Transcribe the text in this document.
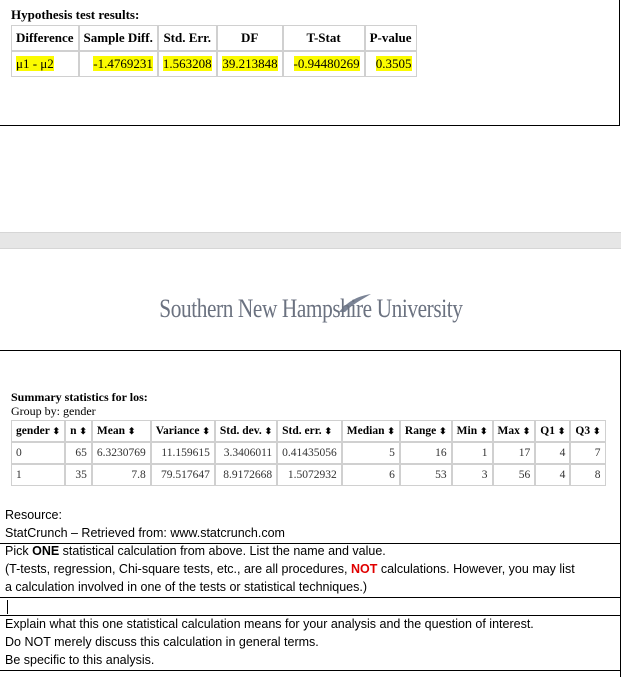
Hypothesis test results:
Difference	Sample Diff.	Std. Err.	DF	T-Stat	P-value
μ1 - μ2	-1.4769231	1.563208	39.213848	-0.94480269	0.3505
Southern New Hampshire University
Summary statistics for los:
Group by: gender
gender ⬍	n ⬍	Mean ⬍	Variance ⬍	Std. dev. ⬍	Std. err. ⬍	Median ⬍	Range ⬍	Min ⬍	Max ⬍	Q1 ⬍	Q3 ⬍
0	65	6.3230769	11.159615	3.3406011	0.41435056	5	16	1	17	4	7
1	35	7.8	79.517647	8.9172668	1.5072932	6	53	3	56	4	8
Resource:
StatCrunch – Retrieved from: www.statcrunch.com
Pick ONE statistical calculation from above. List the name and value.
(T-tests, regression, Chi-square tests, etc., are all procedures, NOT calculations. However, you may list
a calculation involved in one of the tests or statistical techniques.)
Explain what this one statistical calculation means for your analysis and the question of interest.
Do NOT merely discuss this calculation in general terms.
Be specific to this analysis.
